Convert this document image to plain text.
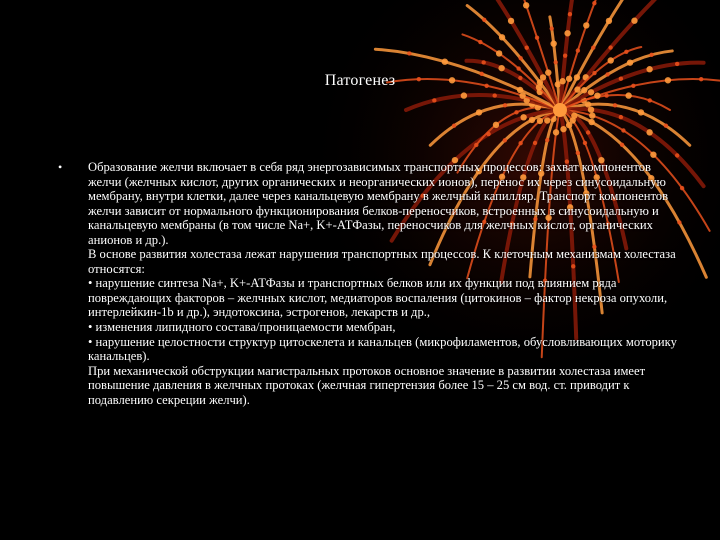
Патогенез
• Образование желчи включает в себя ряд энергозависимых транспортных процессов: захват компонентов желчи (желчных кислот, других органических и неорганических ионов), перенос их через синусоидальную мембрану, внутри клетки, далее через канальцевую мембрану в желчный капилляр. Транспорт компонентов желчи зависит от нормального функционирования белков-переносчиков, встроенных в синусоидальную и канальцевую мембраны (в том числе Na+, K+-АТФазы, переносчиков для желчных кислот, органических анионов и др.).
В основе развития холестаза лежат нарушения транспортных процессов. К клеточным механизмам холестаза относятся:
• нарушение синтеза Na+, K+-АТФазы и транспортных белков или их функции под влиянием ряда повреждающих факторов – желчных кислот, медиаторов воспаления (цитокинов – фактор некроза опухоли, интерлейкин-1b и др.), эндотоксина, эстрогенов, лекарств и др.,
• изменения липидного состава/проницаемости мембран,
• нарушение целостности структур цитоскелета и канальцев (микрофиламентов, обусловливающих моторику канальцев).
При механической обструкции магистральных протоков основное значение в развитии холестаза имеет повышение давления в желчных протоках (желчная гипертензия более 15 – 25 см вод. ст. приводит к подавлению секреции желчи).
